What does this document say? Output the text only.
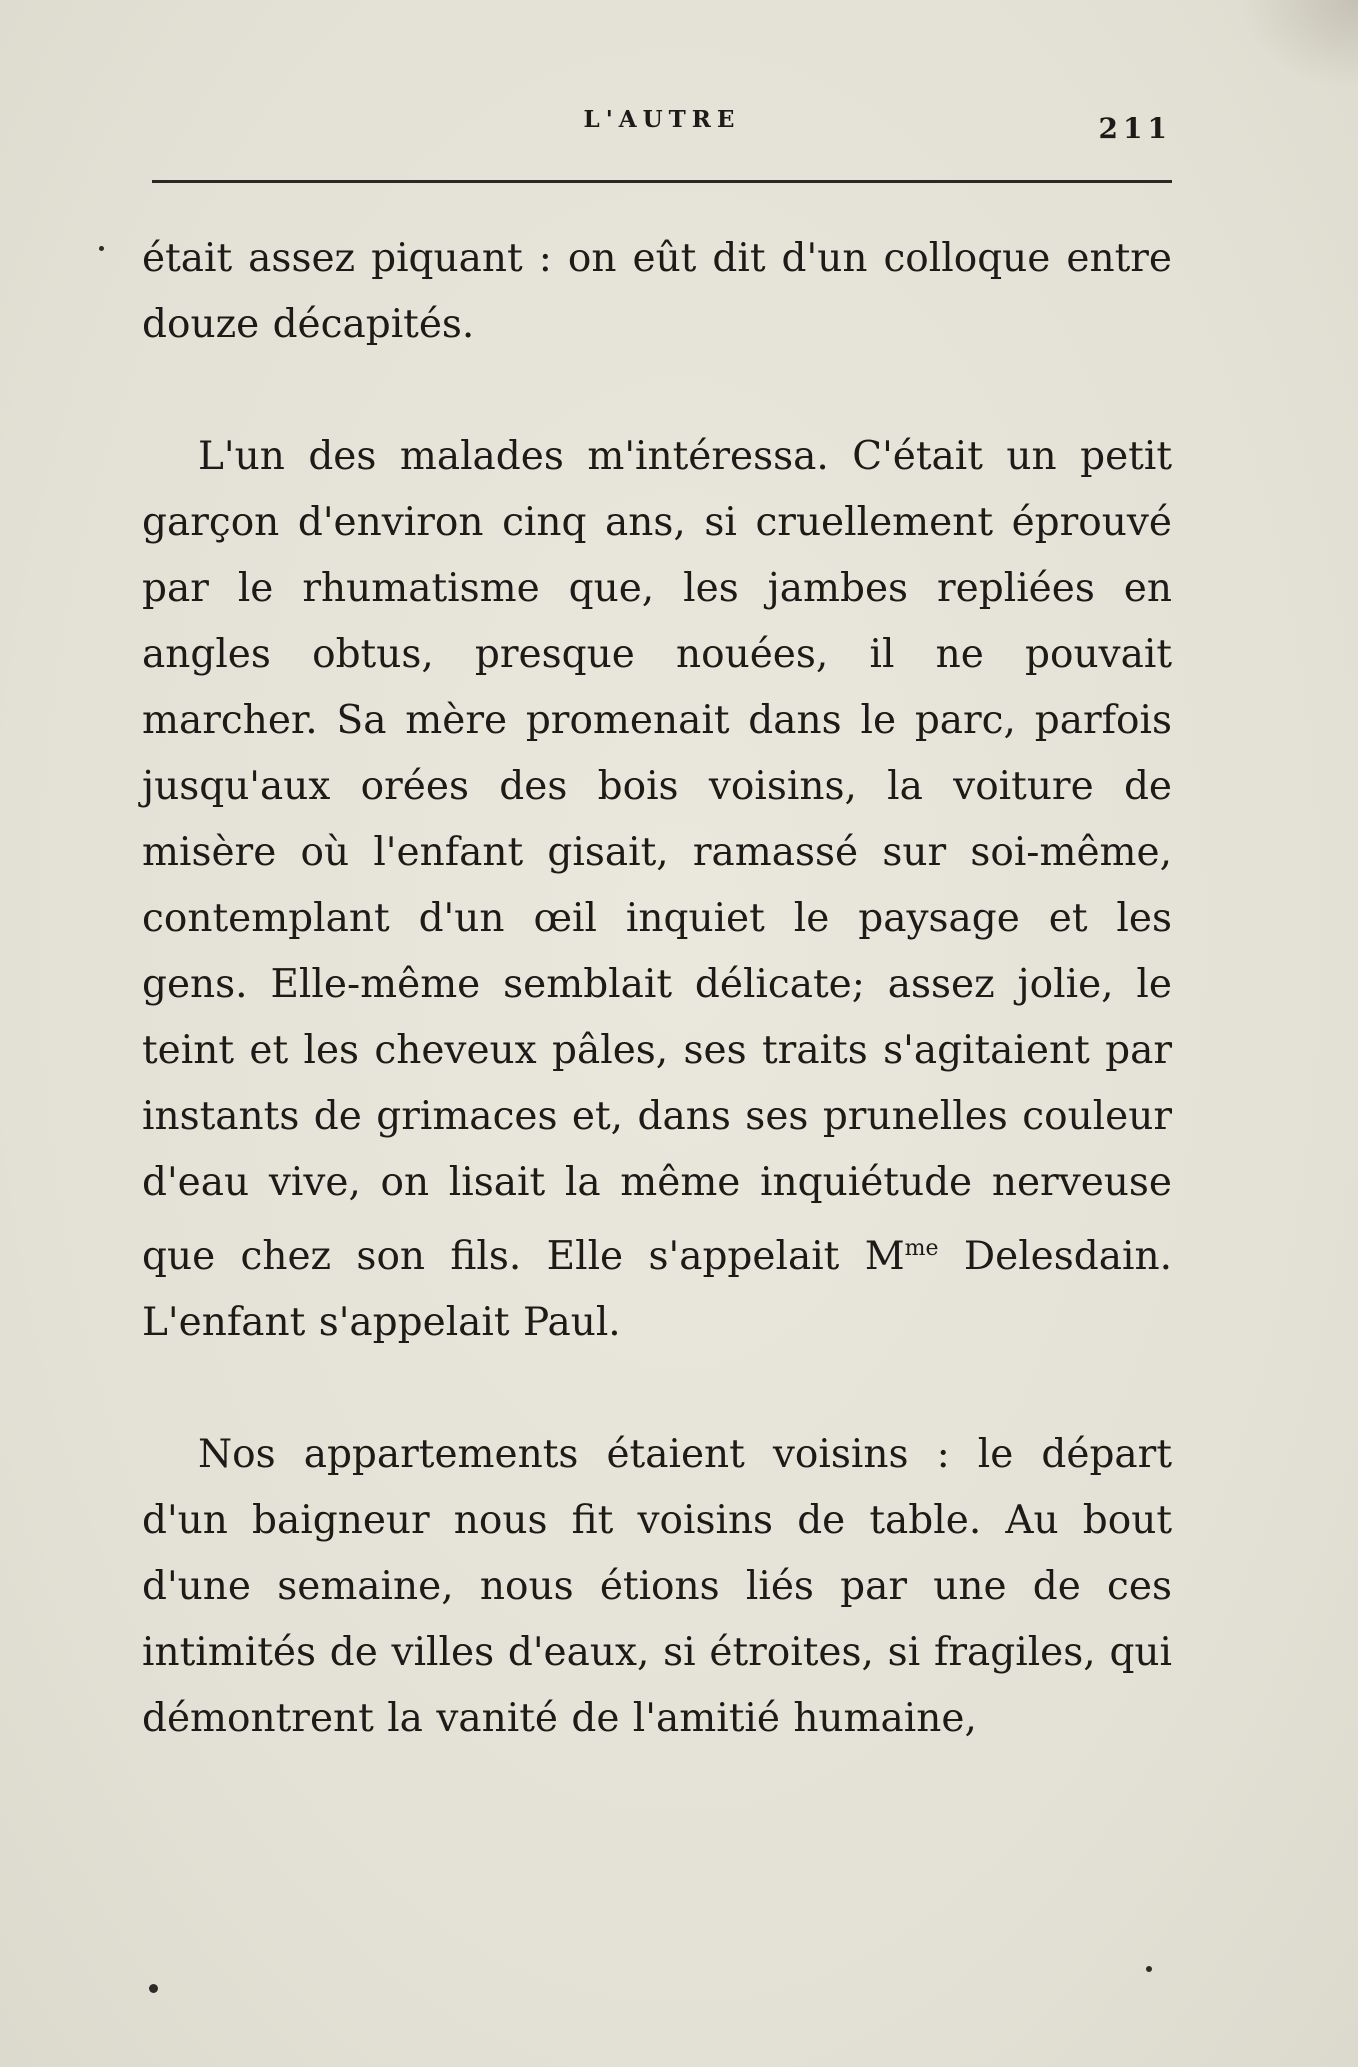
L'AUTRE	211

était assez piquant : on eût dit d'un colloque entre douze décapités.

L'un des malades m'intéressa. C'était un petit garçon d'environ cinq ans, si cruellement éprouvé par le rhumatisme que, les jambes repliées en angles obtus, presque nouées, il ne pouvait marcher. Sa mère promenait dans le parc, parfois jusqu'aux orées des bois voisins, la voiture de misère où l'enfant gisait, ramassé sur soi-même, contemplant d'un œil inquiet le paysage et les gens. Elle-même semblait délicate; assez jolie, le teint et les cheveux pâles, ses traits s'agitaient par instants de grimaces et, dans ses prunelles couleur d'eau vive, on lisait la même inquiétude nerveuse que chez son fils. Elle s'appelait $M^{me}$ Delesdain. L'enfant s'appelait Paul.

Nos appartements étaient voisins : le départ d'un baigneur nous fit voisins de table. Au bout d'une semaine, nous étions liés par une de ces intimités de villes d'eaux, si étroites, si fragiles, qui démontrent la vanité de l'amitié humaine,
